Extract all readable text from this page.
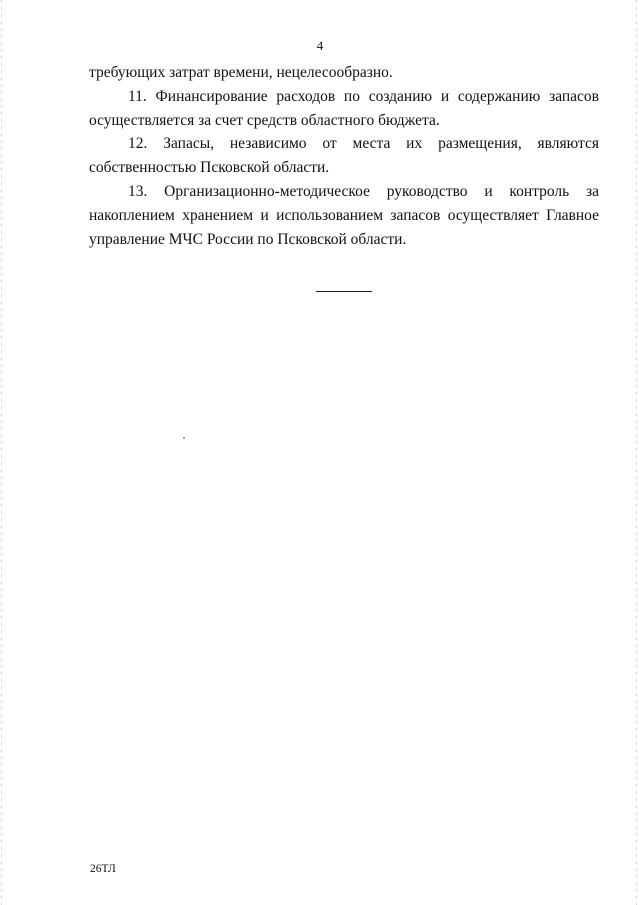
4

требующих затрат времени, нецелесообразно.

11. Финансирование расходов по созданию и содержанию запасов осуществляется за счет средств областного бюджета.

12. Запасы, независимо от места их размещения, являются собственностью Псковской области.

13. Организационно-методическое руководство и контроль за накоплением хранением и использованием запасов осуществляет Главное управление МЧС России по Псковской области.

26ТЛ
